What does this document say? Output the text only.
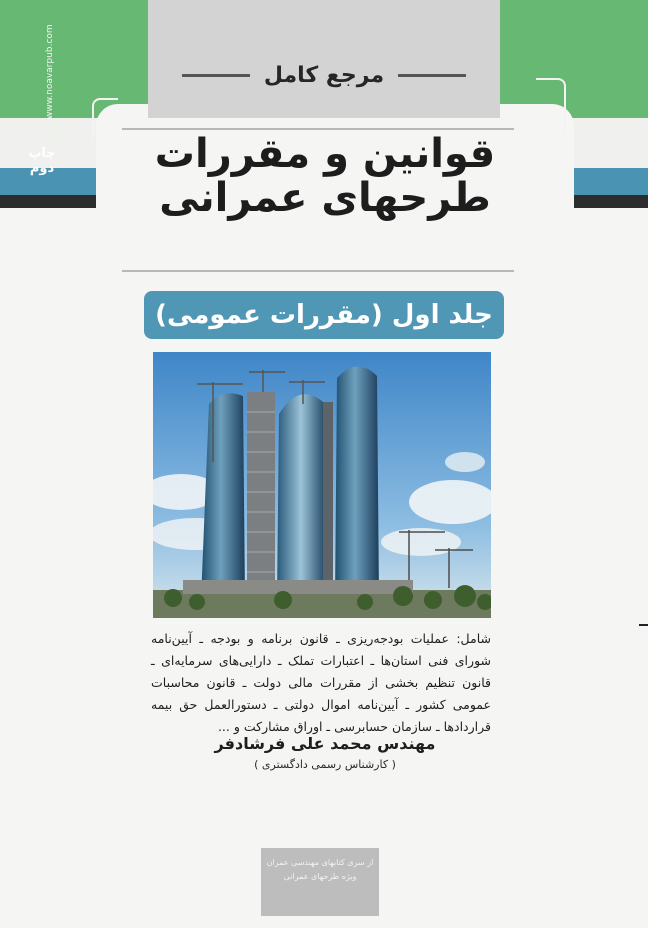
مرجع کامل
قوانین و مقررات
طرحهای عمرانی
جلد اول (مقررات عمومی)
شامل: عملیات بودجه‌ریزی ـ قانون برنامه و بودجه ـ آیین‌نامه شورای فنی استان‌ها ـ اعتبارات تملک ـ دارایی‌های سرمایه‌ای ـ قانون تنظیم بخشی از مقررات مالی دولت ـ قانون محاسبات عمومی کشور ـ آیین‌نامه اموال دولتی ـ دستورالعمل حق بیمه قراردادها ـ سازمان حسابرسی ـ اوراق مشارکت و ...
مهندس محمد علی فرشادفر
( کارشناس رسمی دادگستری )
از سری کتابهای مهندسی عمران
ویژه طرحهای عمرانی
www.noavarpub.com
چاپ دوم
